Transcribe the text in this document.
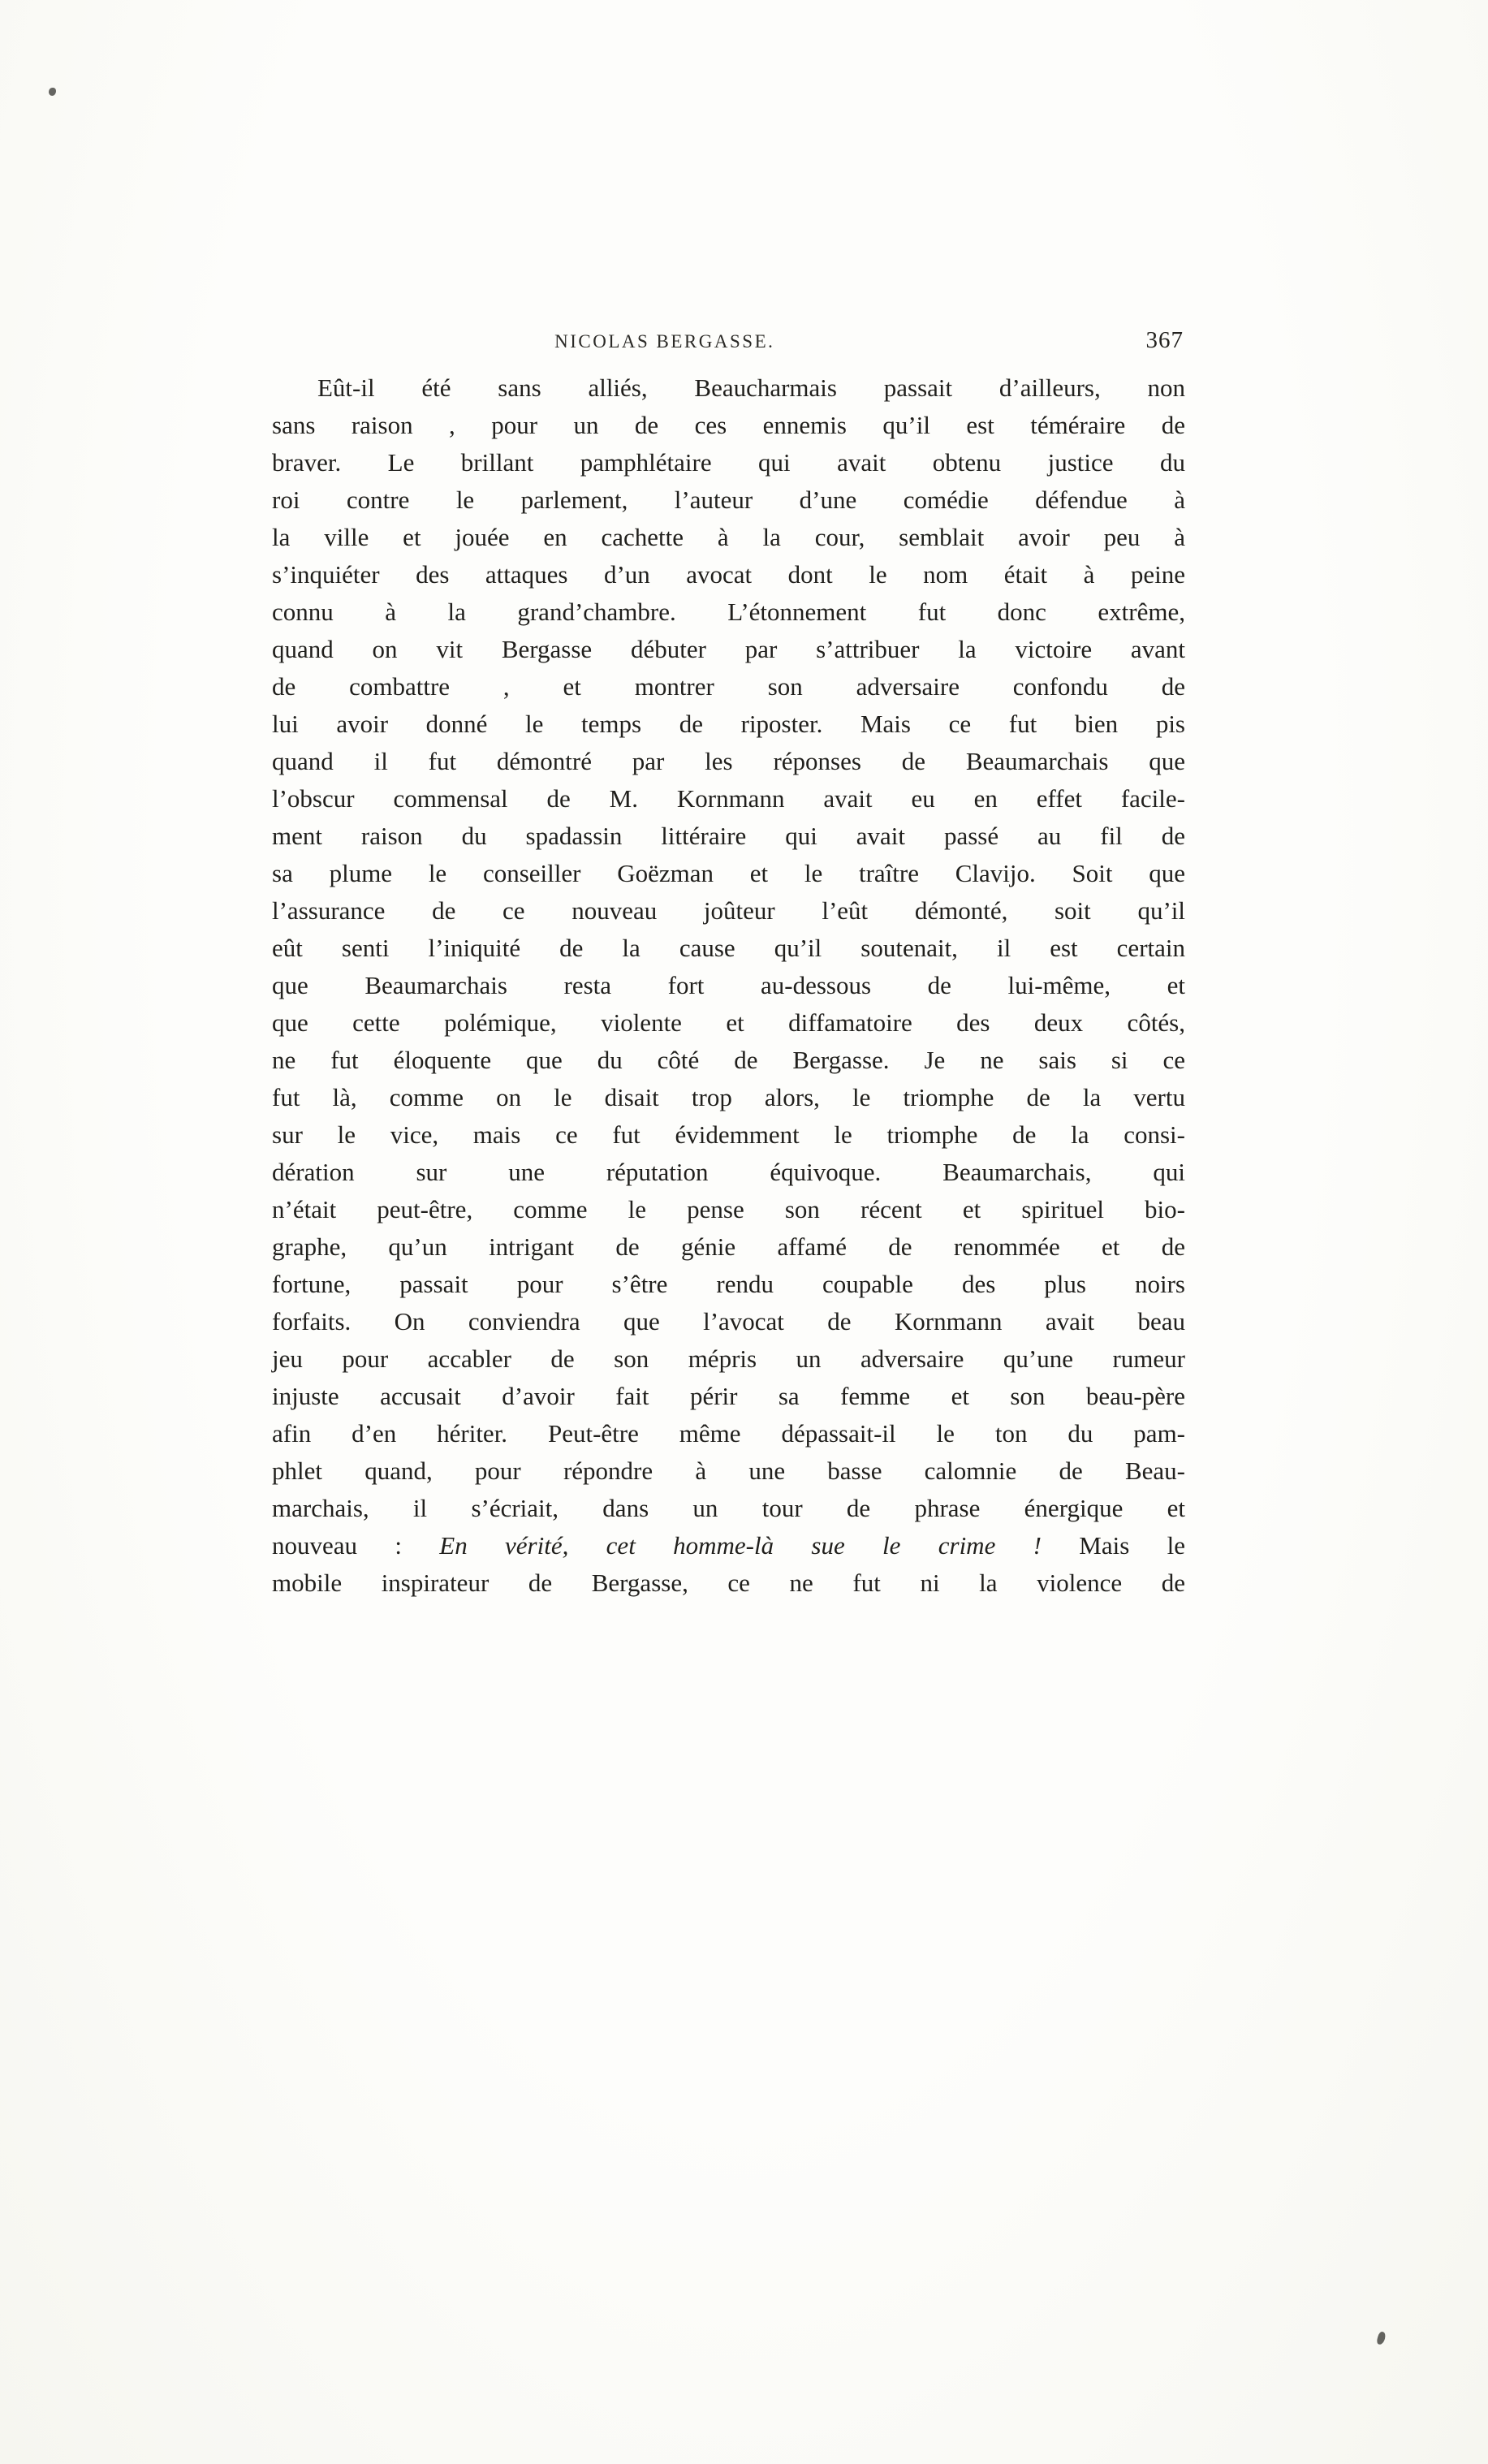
NICOLAS BERGASSE.	367
Eût-il été sans alliés, Beaucharmais passait d’ailleurs, non
sans raison , pour un de ces ennemis qu’il est téméraire de
braver. Le brillant pamphlétaire qui avait obtenu justice du
roi contre le parlement, l’auteur d’une comédie défendue à
la ville et jouée en cachette à la cour, semblait avoir peu à
s’inquiéter des attaques d’un avocat dont le nom était à peine
connu à la grand’chambre. L’étonnement fut donc extrême,
quand on vit Bergasse débuter par s’attribuer la victoire avant
de combattre , et montrer son adversaire confondu de
lui avoir donné le temps de riposter. Mais ce fut bien pis
quand il fut démontré par les réponses de Beaumarchais que
l’obscur commensal de M. Kornmann avait eu en effet facile-
ment raison du spadassin littéraire qui avait passé au fil de
sa plume le conseiller Goëzman et le traître Clavijo. Soit que
l’assurance de ce nouveau joûteur l’eût démonté, soit qu’il
eût senti l’iniquité de la cause qu’il soutenait, il est certain
que Beaumarchais resta fort au-dessous de lui-même, et
que cette polémique, violente et diffamatoire des deux côtés,
ne fut éloquente que du côté de Bergasse. Je ne sais si ce
fut là, comme on le disait trop alors, le triomphe de la vertu
sur le vice, mais ce fut évidemment le triomphe de la consi-
dération sur une réputation équivoque. Beaumarchais, qui
n’était peut-être, comme le pense son récent et spirituel bio-
graphe, qu’un intrigant de génie affamé de renommée et de
fortune, passait pour s’être rendu coupable des plus noirs
forfaits. On conviendra que l’avocat de Kornmann avait beau
jeu pour accabler de son mépris un adversaire qu’une rumeur
injuste accusait d’avoir fait périr sa femme et son beau-père
afin d’en hériter. Peut-être même dépassait-il le ton du pam-
phlet quand, pour répondre à une basse calomnie de Beau-
marchais, il s’écriait, dans un tour de phrase énergique et
nouveau : En vérité, cet homme-là sue le crime ! Mais le
mobile inspirateur de Bergasse, ce ne fut ni la violence de
